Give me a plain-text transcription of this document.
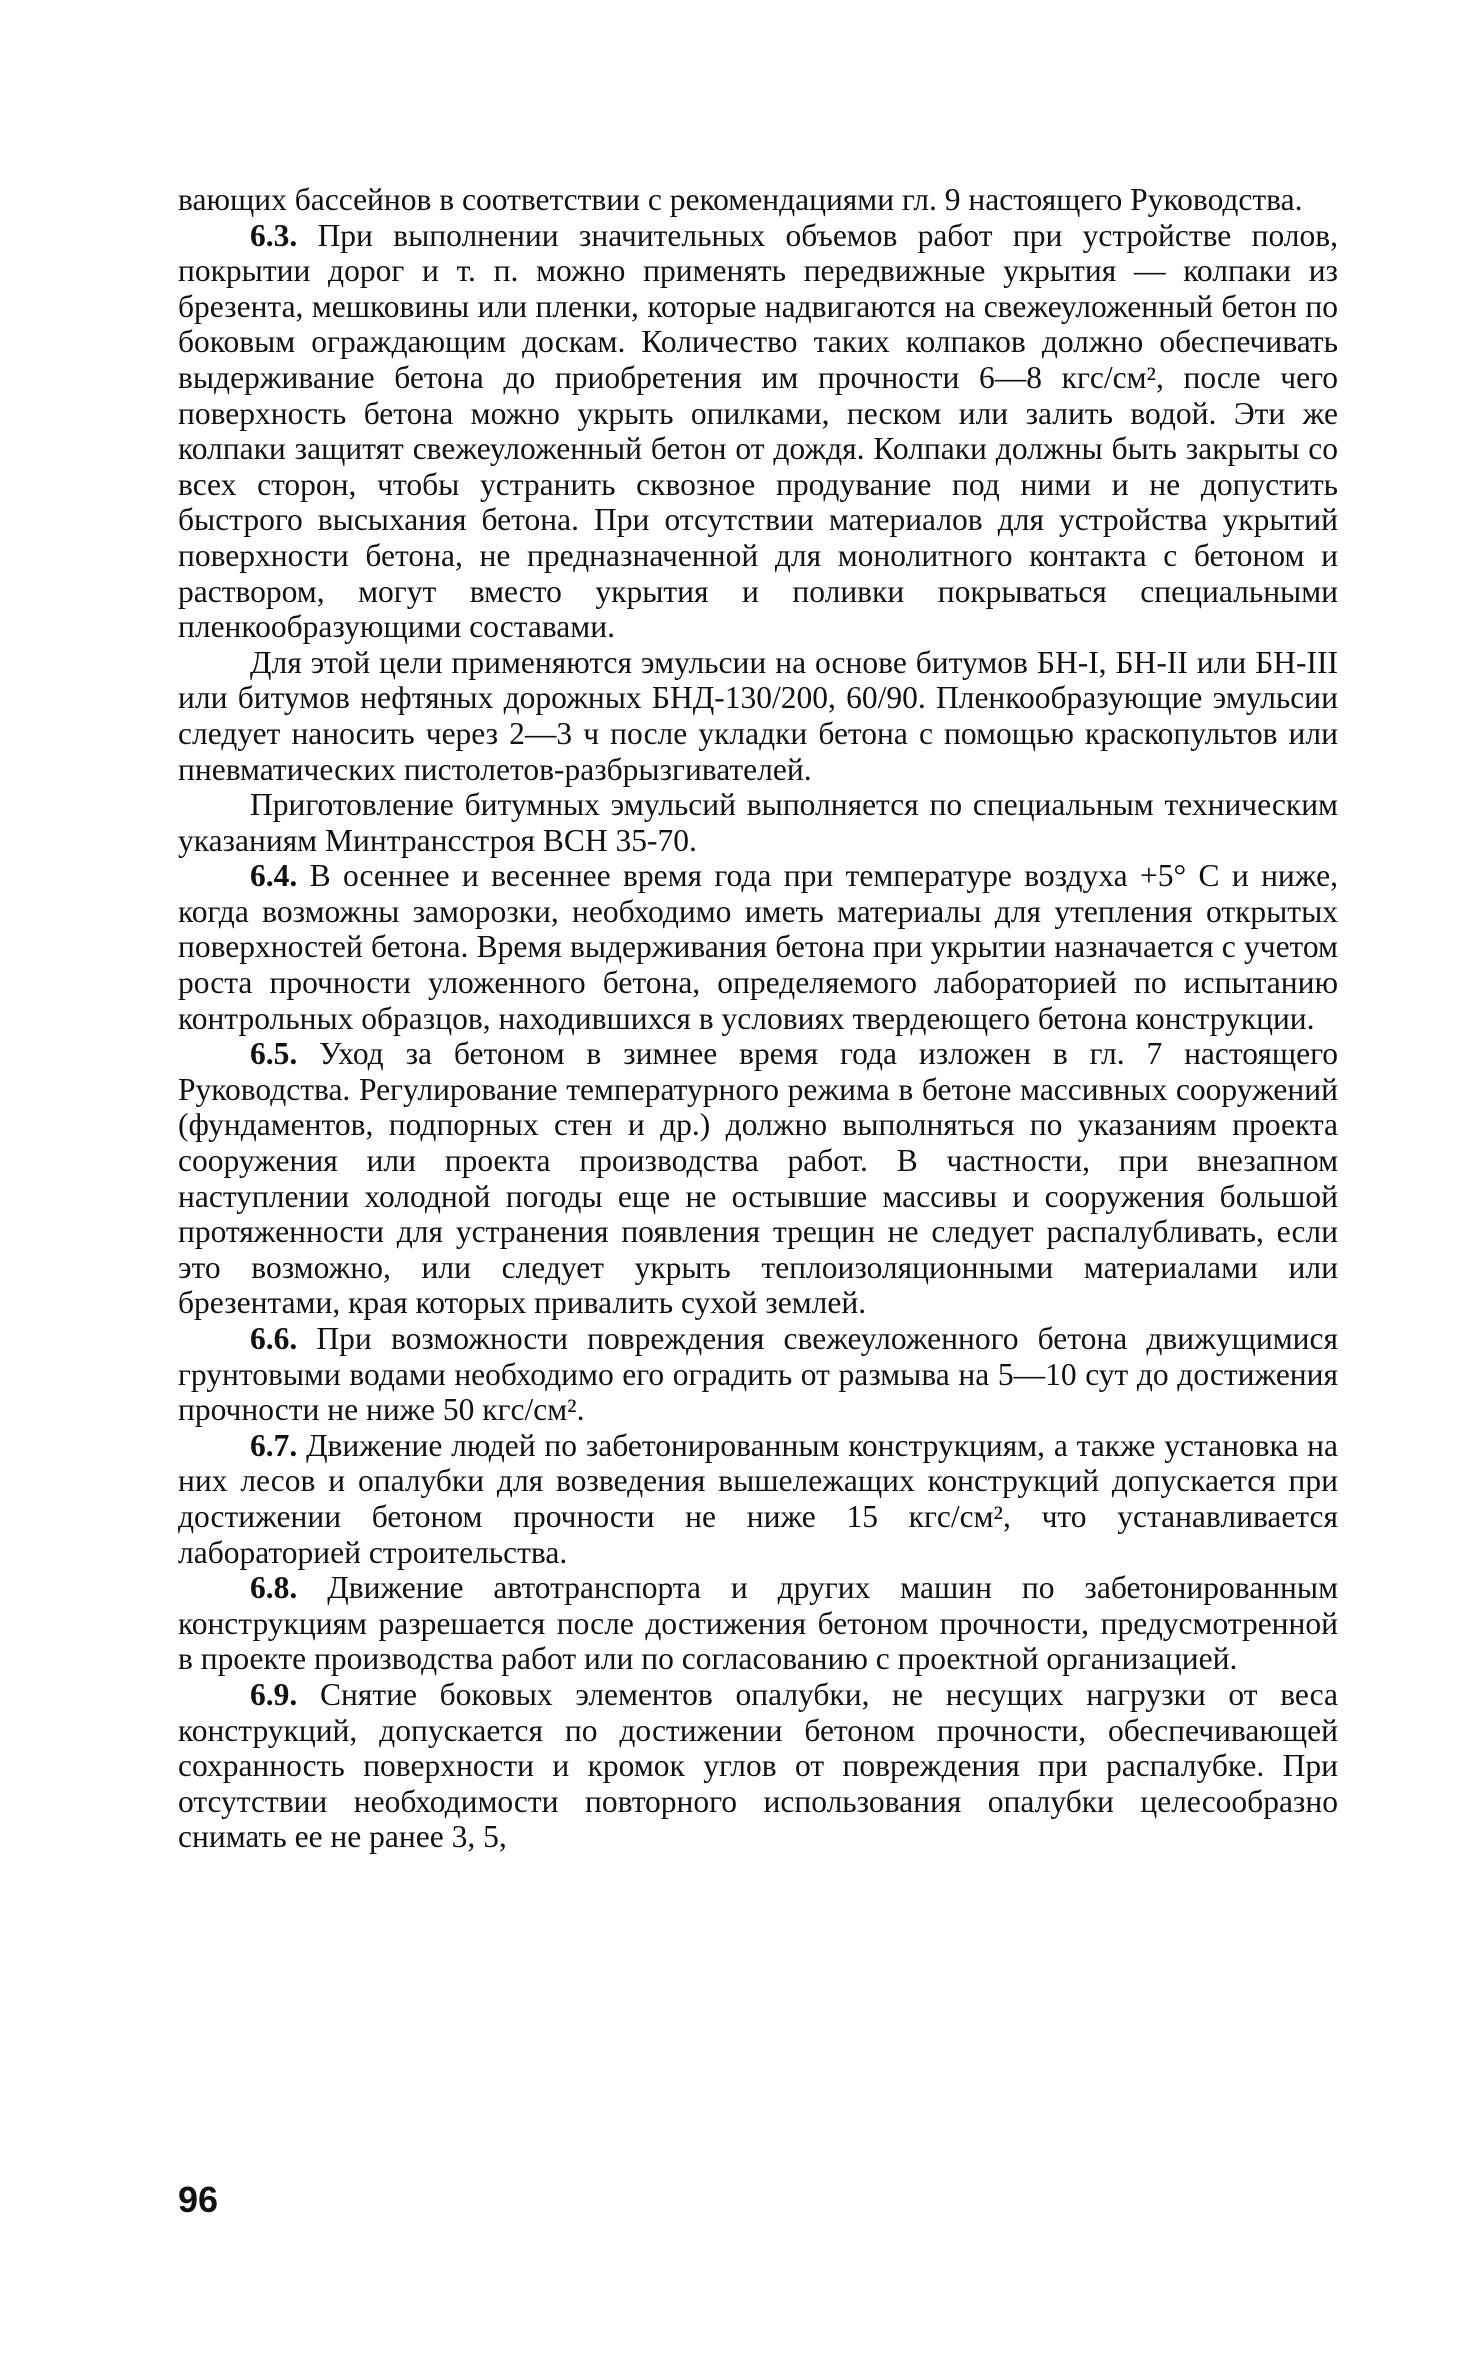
вающих бассейнов в соответствии с рекомендациями гл. 9 настоящего Руководства.

6.3. При выполнении значительных объемов работ при устройстве полов, покрытии дорог и т. п. можно применять передвижные укрытия — колпаки из брезента, мешковины или пленки, которые надвигаются на свежеуложенный бетон по боковым ограждающим доскам. Количество таких колпаков должно обеспечивать выдерживание бетона до приобретения им прочности 6—8 кгс/см², после чего поверхность бетона можно укрыть опилками, песком или залить водой. Эти же колпаки защитят свежеуложенный бетон от дождя. Колпаки должны быть закрыты со всех сторон, чтобы устранить сквозное продувание под ними и не допустить быстрого высыхания бетона. При отсутствии материалов для устройства укрытий поверхности бетона, не предназначенной для монолитного контакта с бетоном и раствором, могут вместо укрытия и поливки покрываться специальными пленкообразующими составами.

Для этой цели применяются эмульсии на основе битумов БН-I, БН-II или БН-III или битумов нефтяных дорожных БНД-130/200, 60/90. Пленкообразующие эмульсии следует наносить через 2—3 ч после укладки бетона с помощью краскопультов или пневматических пистолетов-разбрызгивателей.

Приготовление битумных эмульсий выполняется по специальным техническим указаниям Минтрансстроя ВСН 35-70.

6.4. В осеннее и весеннее время года при температуре воздуха +5° С и ниже, когда возможны заморозки, необходимо иметь материалы для утепления открытых поверхностей бетона. Время выдерживания бетона при укрытии назначается с учетом роста прочности уложенного бетона, определяемого лабораторией по испытанию контрольных образцов, находившихся в условиях твердеющего бетона конструкции.

6.5. Уход за бетоном в зимнее время года изложен в гл. 7 настоящего Руководства. Регулирование температурного режима в бетоне массивных сооружений (фундаментов, подпорных стен и др.) должно выполняться по указаниям проекта сооружения или проекта производства работ. В частности, при внезапном наступлении холодной погоды еще не остывшие массивы и сооружения большой протяженности для устранения появления трещин не следует распалубливать, если это возможно, или следует укрыть теплоизоляционными материалами или брезентами, края которых привалить сухой землей.

6.6. При возможности повреждения свежеуложенного бетона движущимися грунтовыми водами необходимо его оградить от размыва на 5—10 сут до достижения прочности не ниже 50 кгс/см².

6.7. Движение людей по забетонированным конструкциям, а также установка на них лесов и опалубки для возведения вышележащих конструкций допускается при достижении бетоном прочности не ниже 15 кгс/см², что устанавливается лабораторией строительства.

6.8. Движение автотранспорта и других машин по забетонированным конструкциям разрешается после достижения бетоном прочности, предусмотренной в проекте производства работ или по согласованию с проектной организацией.

6.9. Снятие боковых элементов опалубки, не несущих нагрузки от веса конструкций, допускается по достижении бетоном прочности, обеспечивающей сохранность поверхности и кромок углов от повреждения при распалубке. При отсутствии необходимости повторного использования опалубки целесообразно снимать ее не ранее 3, 5,

96
